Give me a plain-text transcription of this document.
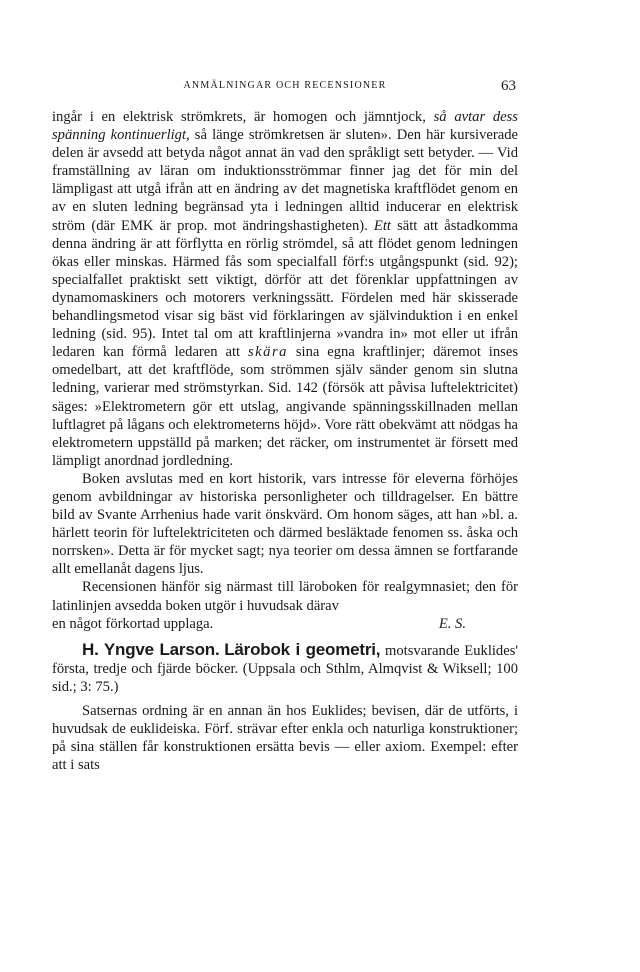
ANMÄLNINGAR OCH RECENSIONER	63

ingår i en elektrisk strömkrets, är homogen och jämntjock, så avtar dess spänning kontinuerligt, så länge strömkretsen är sluten». Den här kursiverade delen är avsedd att betyda något annat än vad den språkligt sett betyder. — Vid framställning av läran om induktionsströmmar finner jag det för min del lämpligast att utgå ifrån att en ändring av det magnetiska kraftflödet genom en av en sluten ledning begränsad yta i ledningen alltid inducerar en elektrisk ström (där EMK är prop. mot ändringshastigheten). Ett sätt att åstadkomma denna ändring är att förflytta en rörlig strömdel, så att flödet genom ledningen ökas eller minskas. Härmed fås som specialfall förf:s utgångspunkt (sid. 92); specialfallet praktiskt sett viktigt, dörför att det förenklar uppfattningen av dynamomaskiners och motorers verkningssätt. Fördelen med här skisserade behandlingsmetod visar sig bäst vid förklaringen av självinduktion i en enkel ledning (sid. 95). Intet tal om att kraftlinjerna »vandra in» mot eller ut ifrån ledaren kan förmå ledaren att skära sina egna kraftlinjer; däremot inses omedelbart, att det kraftflöde, som strömmen själv sänder genom sin slutna ledning, varierar med strömstyrkan. Sid. 142 (försök att påvisa luftelektricitet) säges: »Elektrometern gör ett utslag, angivande spänningsskillnaden mellan luftlagret på lågans och elektrometerns höjd». Vore rätt obekvämt att nödgas ha elektrometern uppställd på marken; det räcker, om instrumentet är försett med lämpligt anordnad jordledning.

Boken avslutas med en kort historik, vars intresse för eleverna förhöjes genom avbildningar av historiska personligheter och tilldragelser. En bättre bild av Svante Arrhenius hade varit önskvärd. Om honom säges, att han »bl. a. härlett teorin för luftelektriciteten och därmed besläktade fenomen ss. åska och norrsken». Detta är för mycket sagt; nya teorier om dessa ämnen se fortfarande allt emellanåt dagens ljus.

Recensionen hänför sig närmast till läroboken för realgymnasiet; den för latinlinjen avsedda boken utgör i huvudsak därav

en något förkortad upplaga.	E. S.

H. Yngve Larson. Lärobok i geometri, motsvarande Euklides' första, tredje och fjärde böcker. (Uppsala och Sthlm, Almqvist & Wiksell; 100 sid.; 3: 75.)

Satsernas ordning är en annan än hos Euklides; bevisen, där de utförts, i huvudsak de euklideiska. Förf. strävar efter enkla och naturliga konstruktioner; på sina ställen får konstruktionen ersätta bevis — eller axiom. Exempel: efter att i sats
